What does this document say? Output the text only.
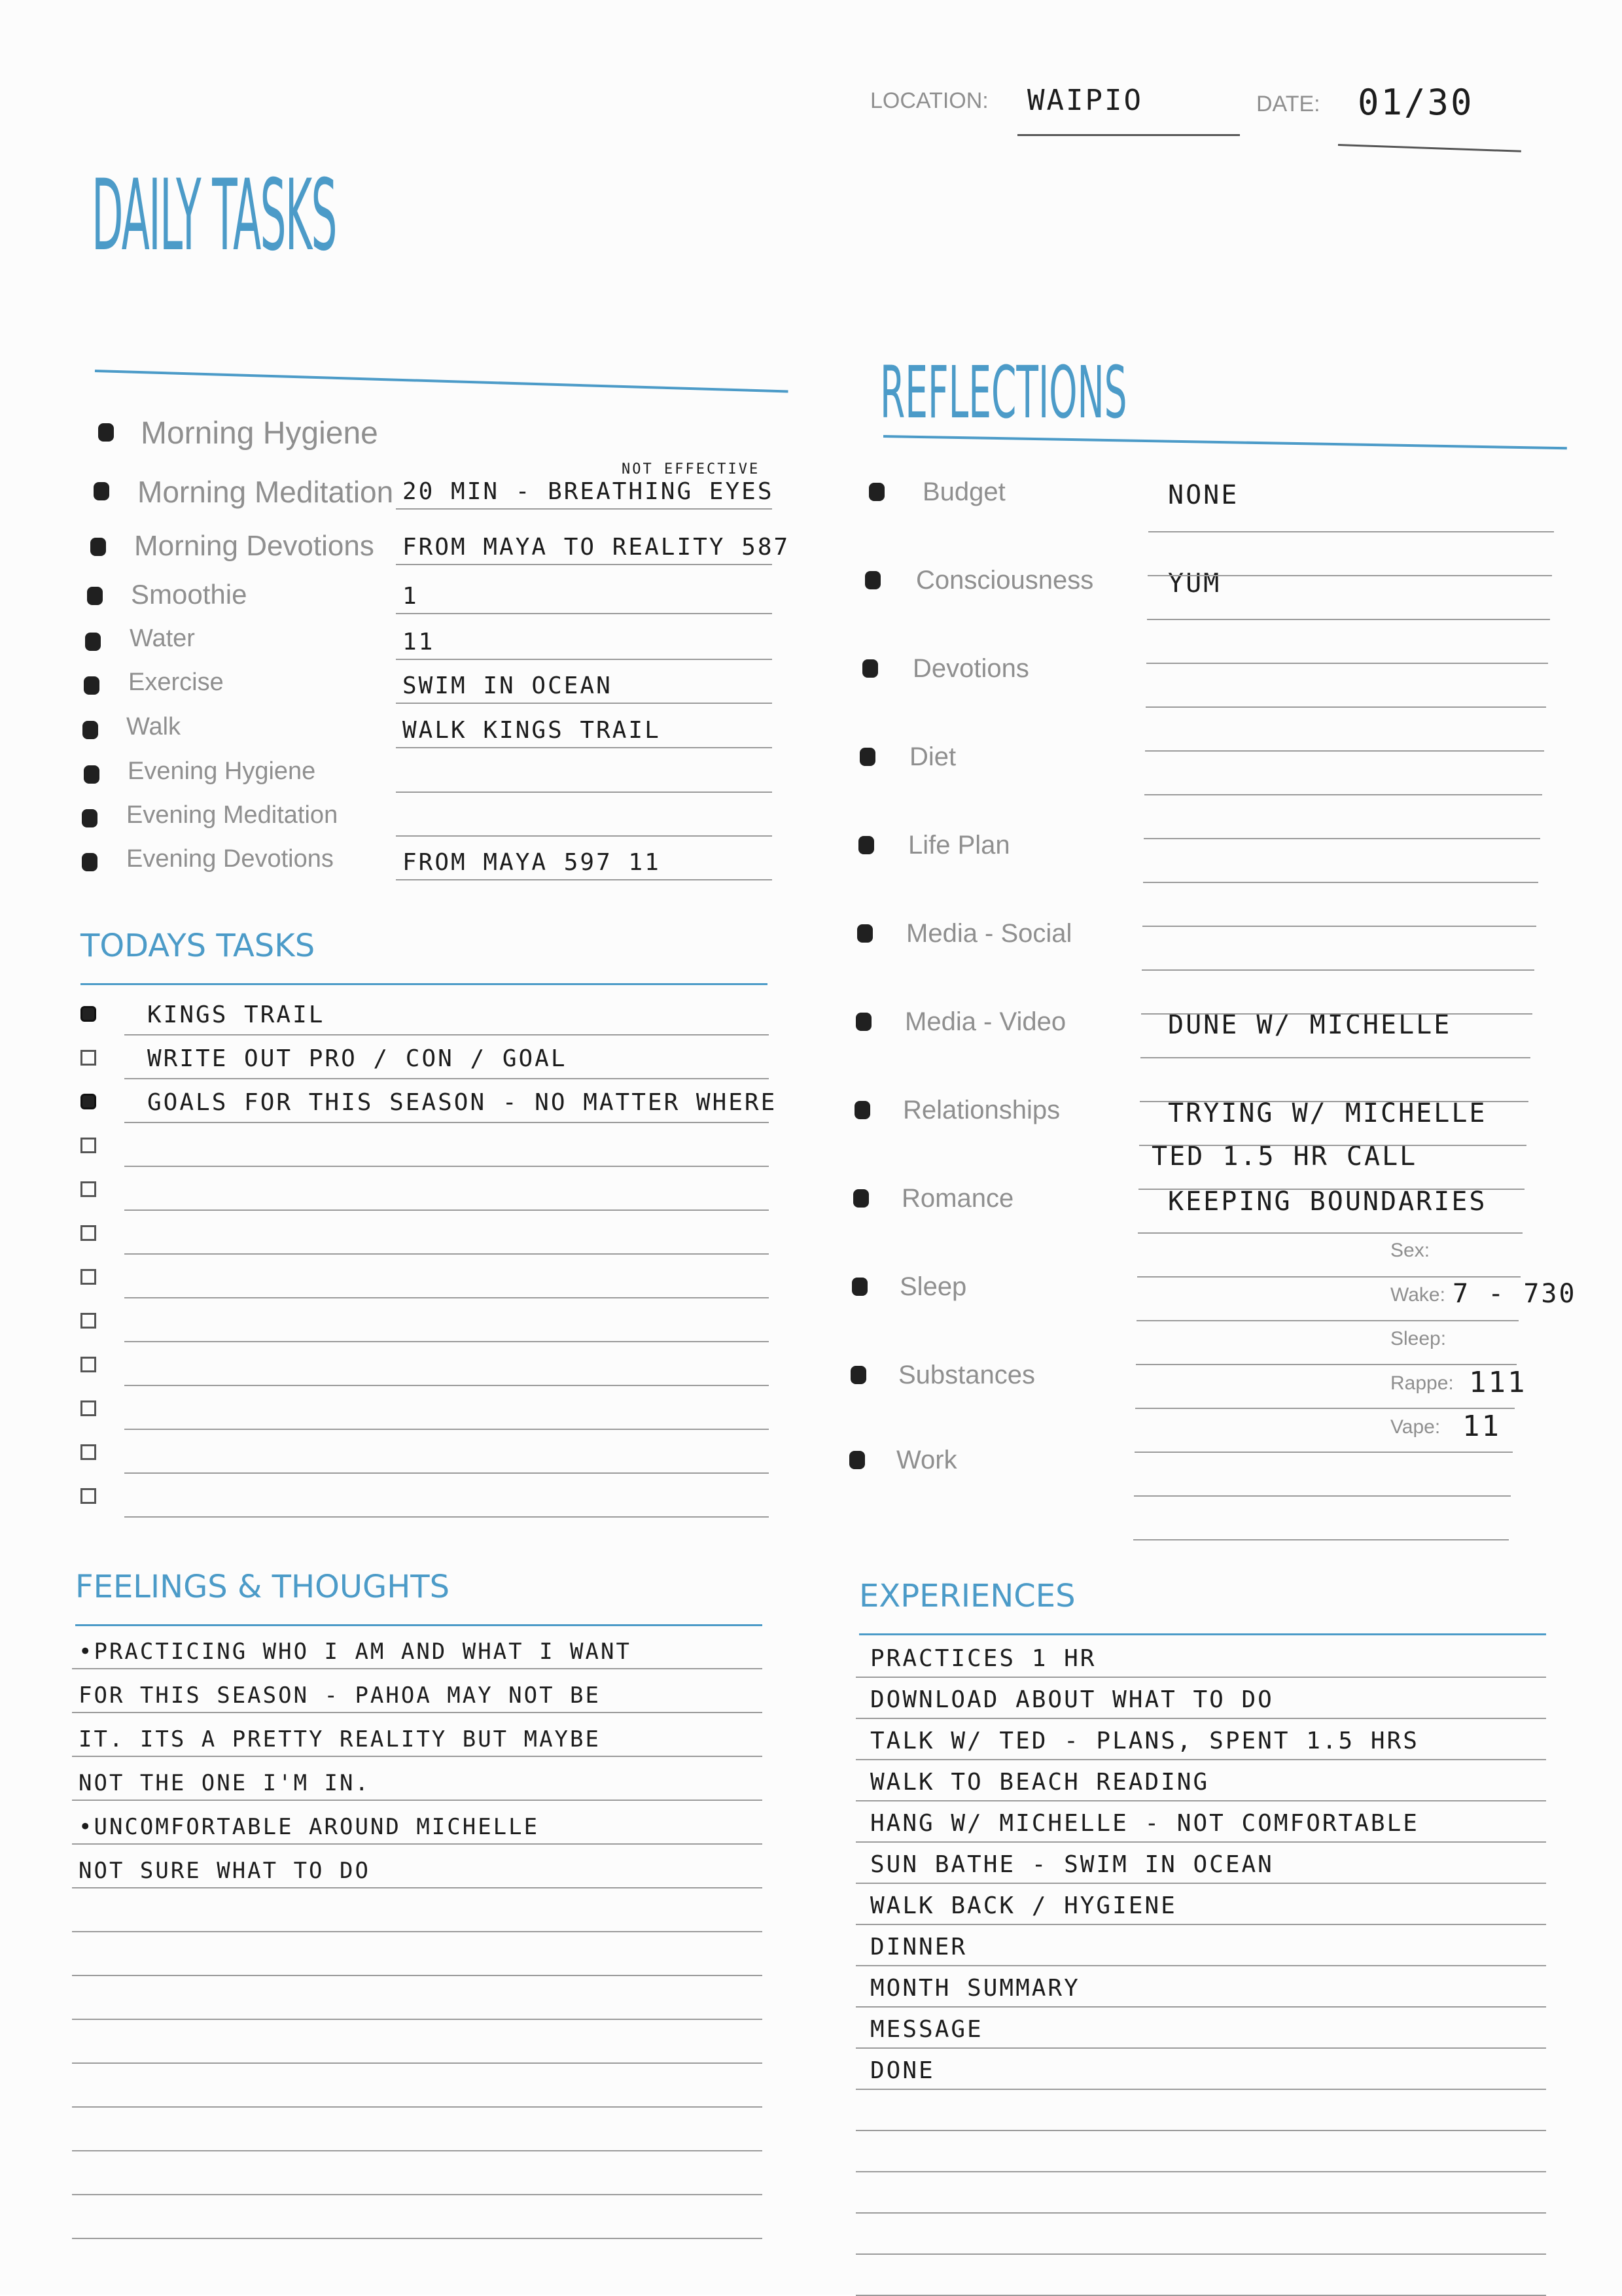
LOCATION: WAIPIO	DATE: 01/30
DAILY TASKS
Morning Hygiene
Morning Meditation 20 MIN - BREATHING EYES
NOT EFFECTIVE
Morning Devotions FROM MAYA TO REALITY 587
Smoothie	1
Water	11
Exercise	SWIM IN OCEAN
Walk	WALK KINGS TRAIL
Evening Hygiene
Evening Meditation
Evening Devotions	FROM MAYA 597 11
TODAYS TASKS
KINGS TRAIL
WRITE OUT PRO / CON / GOAL
GOALS FOR THIS SEASON - NO MATTER WHERE
REFLECTIONS
Budget	NONE
Consciousness	YUM
Devotions
Diet
Life Plan
Media - Social
Media - Video	DUNE W/ MICHELLE
Relationships	TRYING W/ MICHELLE
TED 1.5 HR CALL
Romance	KEEPING BOUNDARIES
Sleep
Substances
Work
Sex:
Wake: 7 - 730
Sleep:
Rappe: 111
Vape: 11
FEELINGS & THOUGHTS
•PRACTICING WHO I AM AND WHAT I WANT
FOR THIS SEASON - PAHOA MAY NOT BE
IT. ITS A PRETTY REALITY BUT MAYBE
NOT THE ONE I'M IN.
•UNCOMFORTABLE AROUND MICHELLE
NOT SURE WHAT TO DO
EXPERIENCES
PRACTICES 1 HR
DOWNLOAD ABOUT WHAT TO DO
TALK W/ TED - PLANS, SPENT 1.5 HRS
WALK TO BEACH READING
HANG W/ MICHELLE - NOT COMFORTABLE
SUN BATHE - SWIM IN OCEAN
WALK BACK / HYGIENE
DINNER
MONTH SUMMARY
MESSAGE
DONE
